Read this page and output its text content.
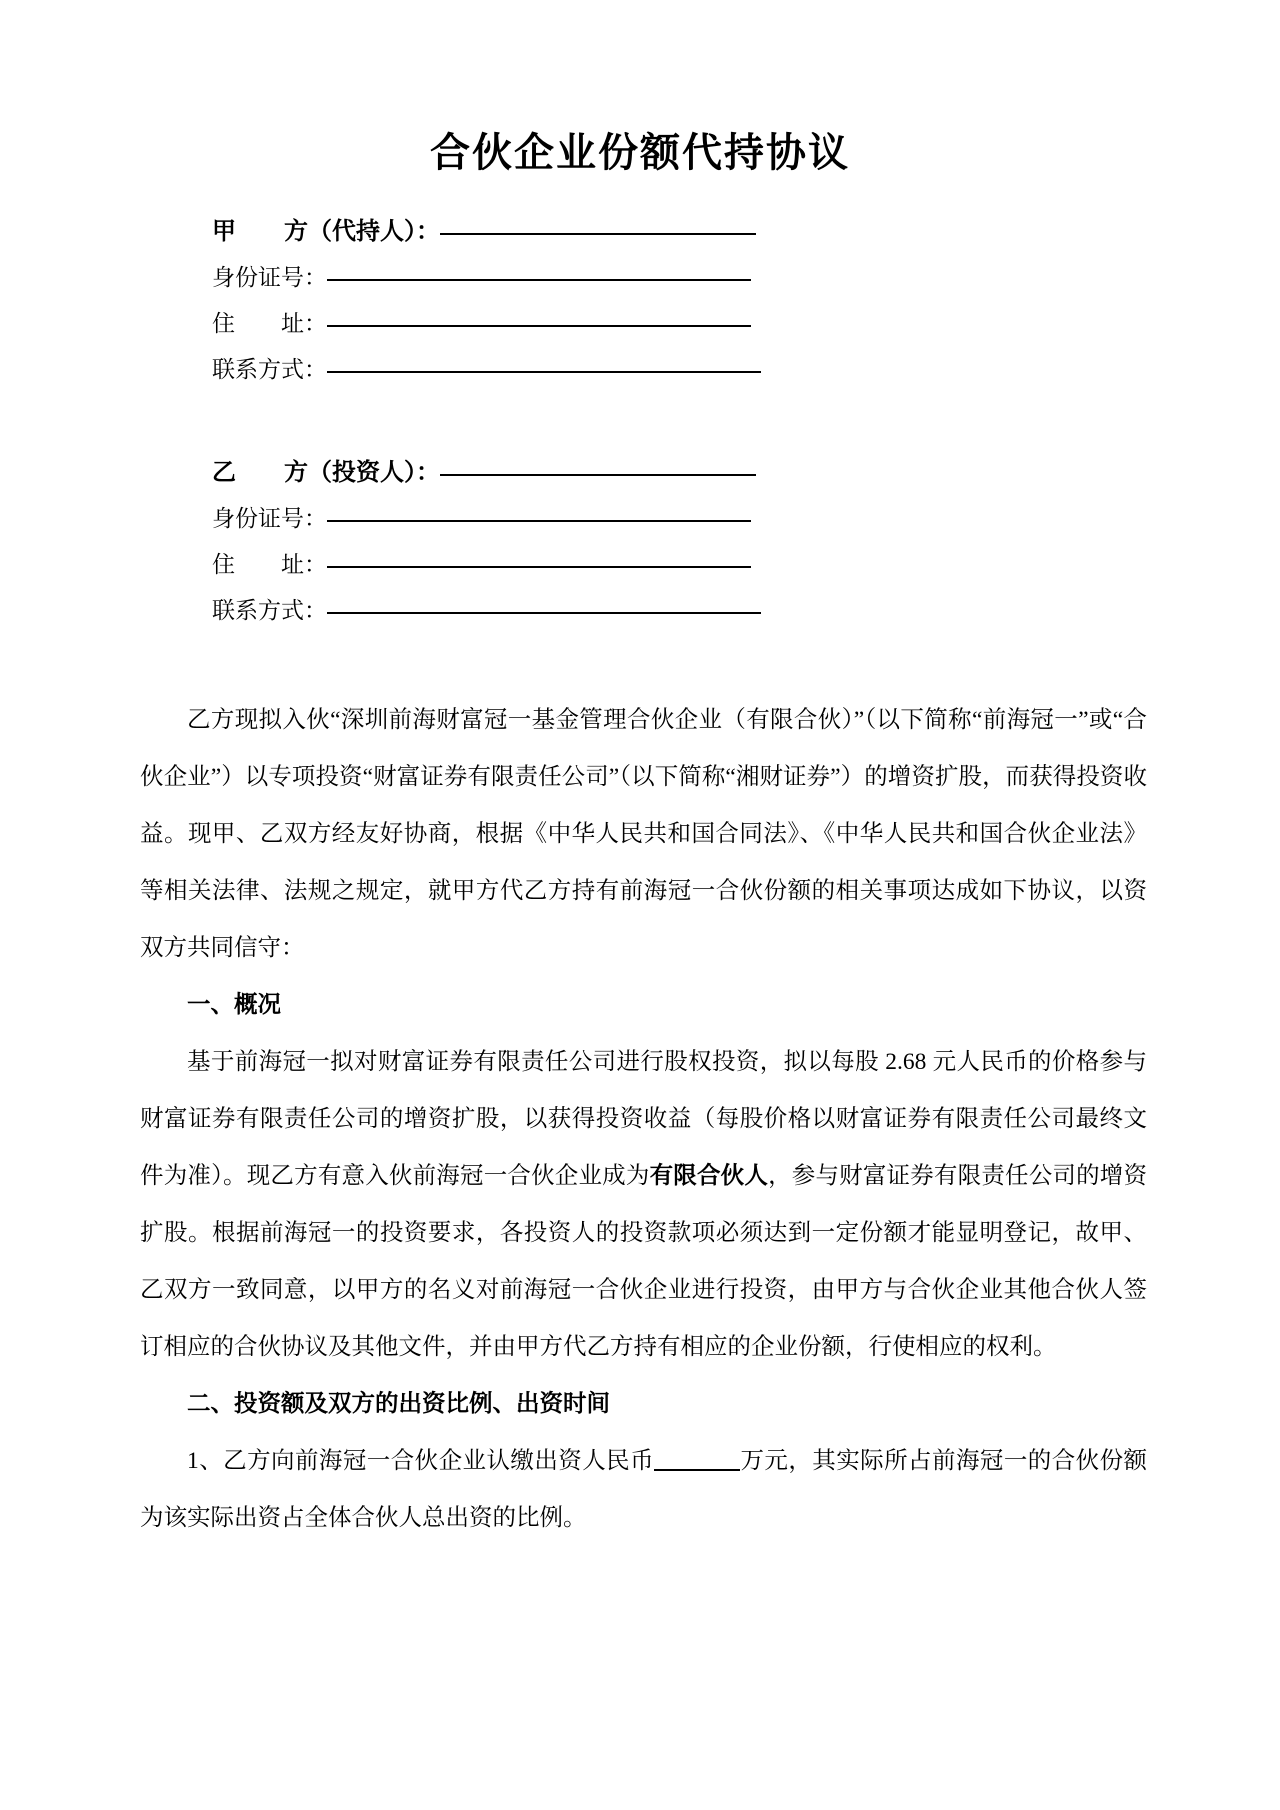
合伙企业份额代持协议
甲　　方（代持人）：
身份证号：
住　　址：
联系方式：
乙　　方（投资人）：
身份证号：
住　　址：
联系方式：

乙方现拟入伙“深圳前海财富冠一基金管理合伙企业（有限合伙）”（以下简称“前海冠一”或“合伙企业”）以专项投资“财富证券有限责任公司”（以下简称“湘财证券”）的增资扩股，而获得投资收益。现甲、乙双方经友好协商，根据《中华人民共和国合同法》、《中华人民共和国合伙企业法》等相关法律、法规之规定，就甲方代乙方持有前海冠一合伙份额的相关事项达成如下协议，以资双方共同信守：

一、概况

基于前海冠一拟对财富证券有限责任公司进行股权投资，拟以每股 2.68 元人民币的价格参与财富证券有限责任公司的增资扩股，以获得投资收益（每股价格以财富证券有限责任公司最终文件为准）。现乙方有意入伙前海冠一合伙企业成为有限合伙人，参与财富证券有限责任公司的增资扩股。根据前海冠一的投资要求，各投资人的投资款项必须达到一定份额才能显明登记，故甲、乙双方一致同意，以甲方的名义对前海冠一合伙企业进行投资，由甲方与合伙企业其他合伙人签订相应的合伙协议及其他文件，并由甲方代乙方持有相应的企业份额，行使相应的权利。

二、投资额及双方的出资比例、出资时间

1、乙方向前海冠一合伙企业认缴出资人民币	万元，其实际所占前海冠一的合伙份额为该实际出资占全体合伙人总出资的比例。
